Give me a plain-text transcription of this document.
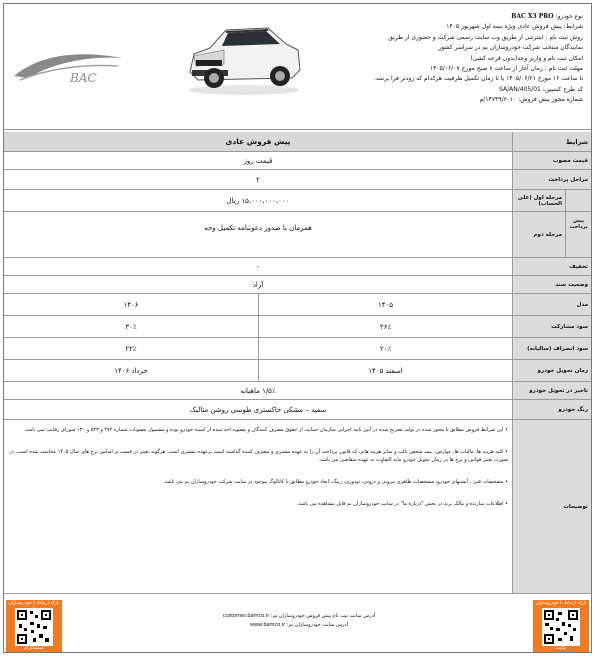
BAC
نوع خودرو: BAC X3 PRO
شرایط: پیش فروش عادی ویژه نیمه اول شهریور ۱۴۰۵
روش ثبت نام : اینترنتی از طریق وب سایت رسمی شرکت و حضوری از طریق
نمایندگان منتخب شرکت خودروسازان بم در سراسر کشور
امکان ثبت نام و واریز وجه(بدون قرعه کشی)
مهلت ثبت نام : زمان آغاز از ساعت ۸ صبح مورخ ۱۴۰۵/۰۶/۰۷
تا ساعت ۱۶ مورخ ۱۴۰۵/۰۶/۲۱ یا تا زمان تکمیل ظرفیت هرکدام که زودتر فرا برسد.
کد طرح کسپین: SA/AN/405/01
شماره مجوز پیش فروش: ۱۴۷۴۹/۶۰۱۰/م
شرایط
پیش فروش عادی
قیمت مصوب
قیمت روز
مراحل پرداخت
۲
پیش پرداخت
مرحله اول (علی الحساب)
۱۵،۰۰۰،۰۰۰،۰۰۰ ریال
مرحله دوم
همزمان با صدور دعوتنامه تکمیل وجه
تخفیف
-
وضعیت سند
آزاد
مدل
۱۴۰۵
۱۴۰۶
سود مشارکت
۲۶٪
۳۰٪
سود انصراف (سالیانه)
۲۰٪
۲۲٪
زمان تحویل خودرو
اسفند ۱۴۰۵
خرداد ۱۴۰۶
تاخیر در تحویل خودرو
۱/۵٪ ماهیانه
رنگ خودرو
سفید – مشکی خاکستری طوسی روشن متالیک
توضیحات

• این شرایط فروش مطابق با مجوز شده در تولید تصریح شده در آیین نامه اجرایی سازمان حمایت از حقوق مصرف کنندگان و مصوبه اخذ شده از کمیته خودرو بوده و مشمول مصوبات شماره ۴۷۲ و ۵۲۳ و ۱۳۰ شورای رقابت نمی باشد.

• کلیه هزینه ها، مالیات ها، عوارض، بیمه شخص ثالث و سایر هزینه هایی که قانون پرداخت آن را به عهده مشتری و مصرف کننده گذاشته است برعهده مشتری است. هرگونه تغییر در قیمت بر اساس نرخ های سال ۱۴۰۵ محاسبه شده است. در صورت تغییر قوانین و نرخ ها در زمان تحویل خودرو مابه التفاوت به عهده متقاضی می باشد.

• مشخصات فنی ، آپشنهای خودرو، مشخصات ظاهری بیرونی و درونی، تودوزی، رینگ، ابعاد خودرو مطابق با کاتالوگ موجود در سایت شرکت خودروسازان بم می باشد.

• اطلاعات سازنده و مالک برند در بخش "درباره ما" در سایت خودروسازان بم قابل مشاهده می باشد.

بارکد ارتباط با خودروسازان
اینستاگرام
آدرس سایت ثبت نام پیش فروش خودروسازان بم: customer.bamco.ir
آدرس سایت خودروسازان بم: www.bamco.ir
بارکد ارتباط با خودروسازان
سایت
